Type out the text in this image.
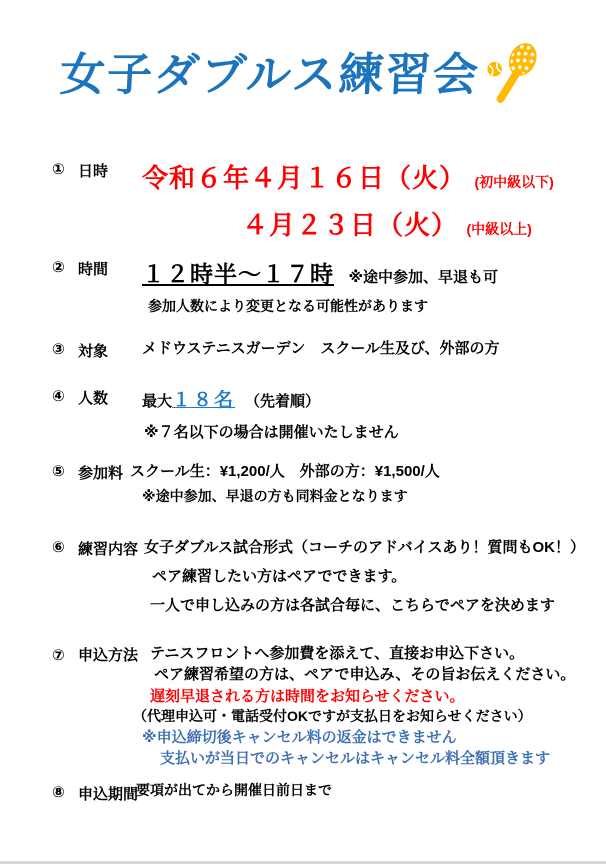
女子ダブルス練習会
① 日時	令和６年４月１６日（火） (初中級以下)
４月２３日（火） (中級以上)
② 時間	１２時半～１７時 ※途中参加、早退も可
参加人数により変更となる可能性があります
③ 対象	メドウステニスガーデン　スクール生及び、外部の方
④ 人数	最大１８名 （先着順）
※７名以下の場合は開催いたしません
⑤ 参加料 スクール生：¥1,200/人　外部の方：¥1,500/人
※途中参加、早退の方も同料金となります
⑥ 練習内容 女子ダブルス試合形式（コーチのアドバイスあり！質問もOK！）
ペア練習したい方はペアでできます。
一人で申し込みの方は各試合毎に、こちらでペアを決めます
⑦ 申込方法 テニスフロントへ参加費を添えて、直接お申込下さい。
ペア練習希望の方は、ペアで申込み、その旨お伝えください。
遅刻早退される方は時間をお知らせください。
（代理申込可・電話受付OKですが支払日をお知らせください）
※申込締切後キャンセル料の返金はできません
支払いが当日でのキャンセルはキャンセル料全額頂きます
⑧ 申込期間
要項が出てから開催日前日まで
